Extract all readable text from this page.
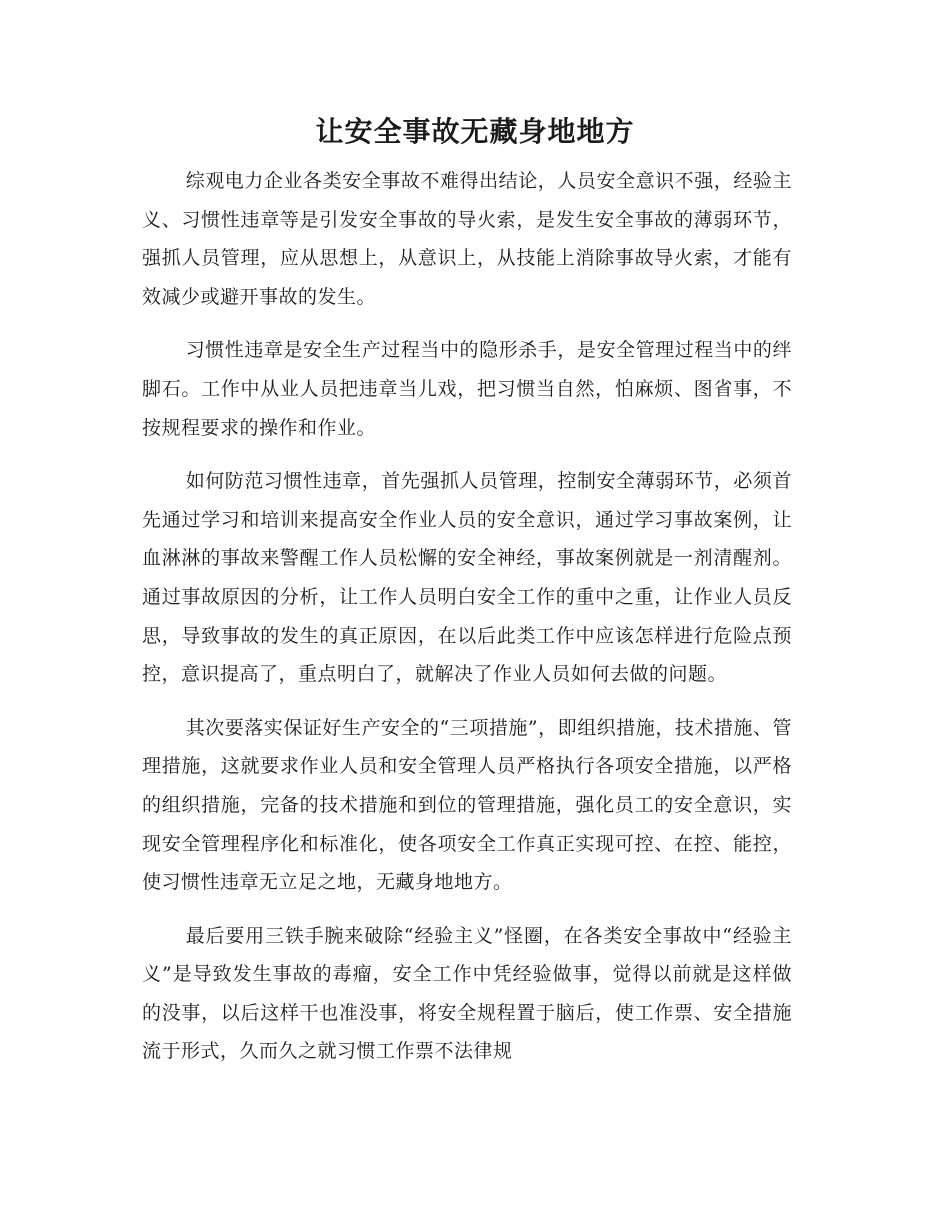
让安全事故无藏身地地方

综观电力企业各类安全事故不难得出结论，人员安全意识不强，经验主义、习惯性违章等是引发安全事故的导火索，是发生安全事故的薄弱环节，强抓人员管理，应从思想上，从意识上，从技能上消除事故导火索，才能有效减少或避开事故的发生。

习惯性违章是安全生产过程当中的隐形杀手，是安全管理过程当中的绊脚石。工作中从业人员把违章当儿戏，把习惯当自然，怕麻烦、图省事，不按规程要求的操作和作业。

如何防范习惯性违章，首先强抓人员管理，控制安全薄弱环节，必须首先通过学习和培训来提高安全作业人员的安全意识，通过学习事故案例，让血淋淋的事故来警醒工作人员松懈的安全神经，事故案例就是一剂清醒剂。通过事故原因的分析，让工作人员明白安全工作的重中之重，让作业人员反思，导致事故的发生的真正原因，在以后此类工作中应该怎样进行危险点预控，意识提高了，重点明白了，就解决了作业人员如何去做的问题。

其次要落实保证好生产安全的“三项措施”，即组织措施，技术措施、管理措施，这就要求作业人员和安全管理人员严格执行各项安全措施，以严格的组织措施，完备的技术措施和到位的管理措施，强化员工的安全意识，实现安全管理程序化和标准化，使各项安全工作真正实现可控、在控、能控，使习惯性违章无立足之地，无藏身地地方。

最后要用三铁手腕来破除“经验主义”怪圈，在各类安全事故中“经验主义”是导致发生事故的毒瘤，安全工作中凭经验做事，觉得以前就是这样做的没事，以后这样干也准没事，将安全规程置于脑后，使工作票、安全措施流于形式，久而久之就习惯工作票不法律规
